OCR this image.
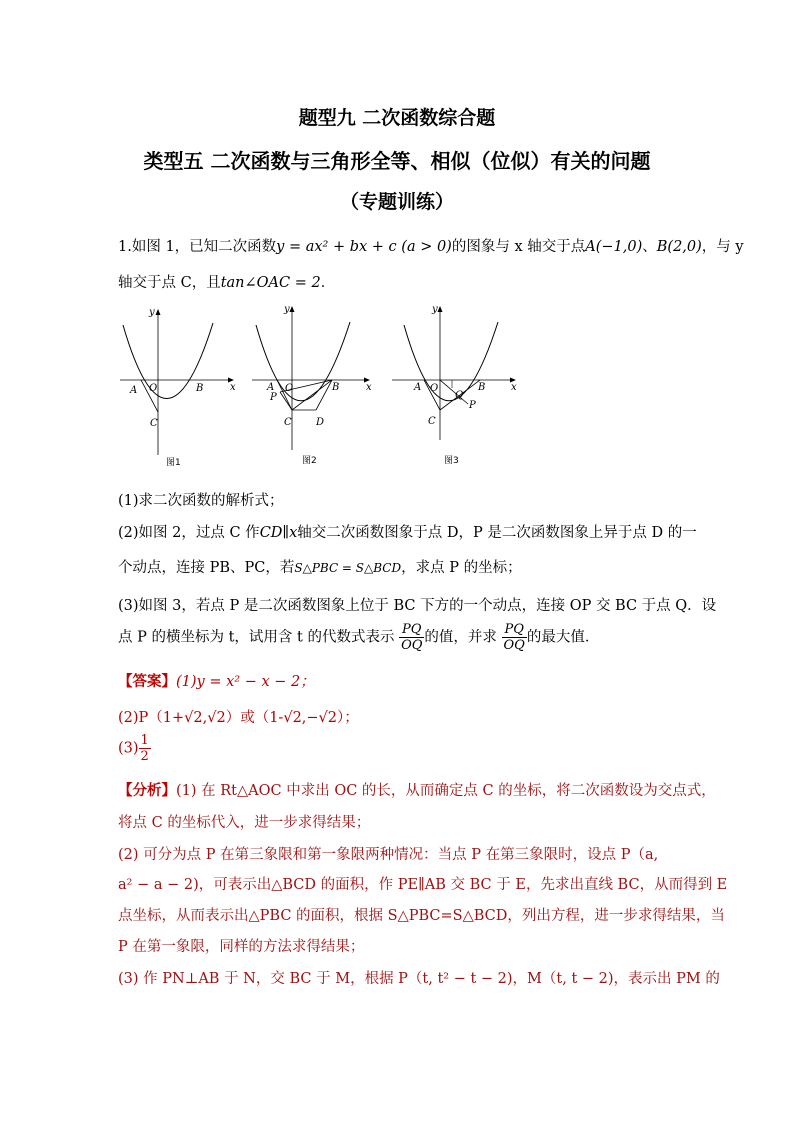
题型九 二次函数综合题
类型五 二次函数与三角形全等、相似（位似）有关的问题
（专题训练）
1.如图 1，已知二次函数y = ax² + bx + c (a > 0)的图象与 x 轴交于点A(−1,0)、B(2,0)，与 y
轴交于点 C，且tan∠OAC = 2．
y
x
O
A	B
C
图1
y
x
O
A	B
P
C D
图2
y
x
O
A	B
Q
P
C
图3
(1)求二次函数的解析式；
(2)如图 2，过点 C 作CD∥x轴交二次函数图象于点 D，P 是二次函数图象上异于点 D 的一
个动点，连接 PB、PC，若S△PBC = S△BCD，求点 P 的坐标；
(3)如图 3，若点 P 是二次函数图象上位于 BC 下方的一个动点，连接 OP 交 BC 于点 Q．设
点 P 的横坐标为 t，试用含 t 的代数式表示 $\frac{PQ}{OQ}$ 的值，并求 $\frac{PQ}{OQ}$ 的最大值．
【答案】(1)y = x² − x − 2；
(2)P（1+√2,√2）或（1-√2,−√2）；
$(3) \frac{1}{2}$
【分析】(1) 在 Rt△AOC 中求出 OC 的长，从而确定点 C 的坐标，将二次函数设为交点式，
将点 C 的坐标代入，进一步求得结果；
(2) 可分为点 P 在第三象限和第一象限两种情况：当点 P 在第三象限时，设点 P（a,
a² − a − 2)，可表示出△BCD 的面积，作 PE∥AB 交 BC 于 E，先求出直线 BC，从而得到 E
点坐标，从而表示出△PBC 的面积，根据 S△PBC=S△BCD，列出方程，进一步求得结果，当
P 在第一象限，同样的方法求得结果；
(3) 作 PN⊥AB 于 N，交 BC 于 M，根据 P（t, t² − t − 2)，M（t, t − 2)，表示出 PM 的
